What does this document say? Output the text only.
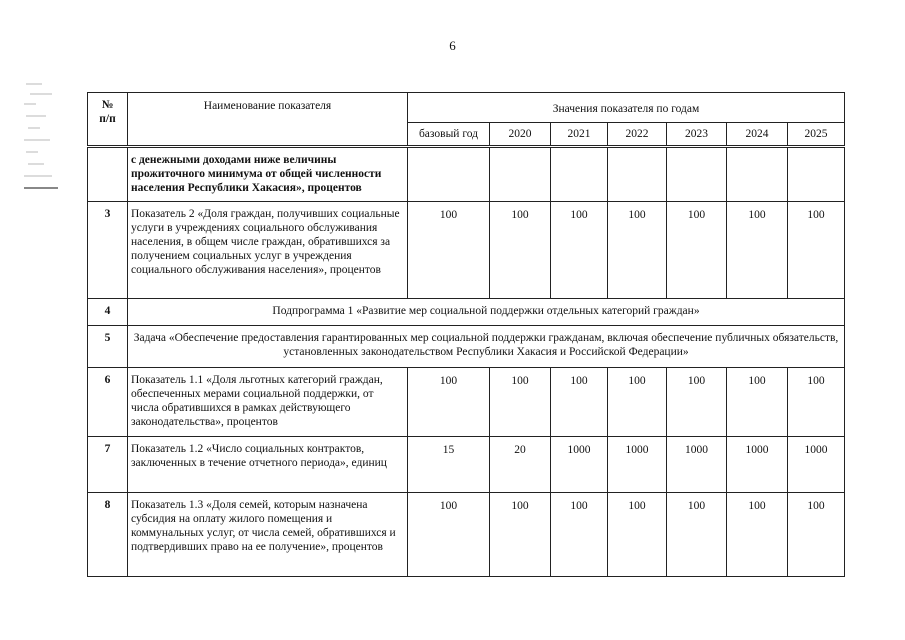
6
№
п/п	Наименование показателя	Значения показателя по годам						
		базовый год	2020	2021	2022	2023	2024	2025
	с денежными доходами ниже величины прожиточного минимума от общей численности населения Республики Хакасия», процентов							
3	Показатель 2 «Доля граждан, получивших социальные услуги в учреждениях социального обслуживания населения, в общем числе граждан, обратившихся за получением социальных услуг в учреждения социального обслуживания населения», процентов	100	100	100	100	100	100	100
4	Подпрограмма 1 «Развитие мер социальной поддержки отдельных категорий граждан»							
5	Задача «Обеспечение предоставления гарантированных мер социальной поддержки гражданам, включая обеспечение публичных обязательств, установленных законодательством Республики Хакасия и Российской Федерации»							
6	Показатель 1.1 «Доля льготных категорий граждан, обеспеченных мерами социальной поддержки, от числа обратившихся в рамках действующего законодательства», процентов	100	100	100	100	100	100	100
7	Показатель 1.2 «Число социальных контрактов, заключенных в течение отчетного периода», единиц	15	20	1000	1000	1000	1000	1000
8	Показатель 1.3 «Доля семей, которым назначена субсидия на оплату жилого помещения и коммунальных услуг, от числа семей, обратившихся и подтвердивших право на ее получение», процентов	100	100	100	100	100	100	100
